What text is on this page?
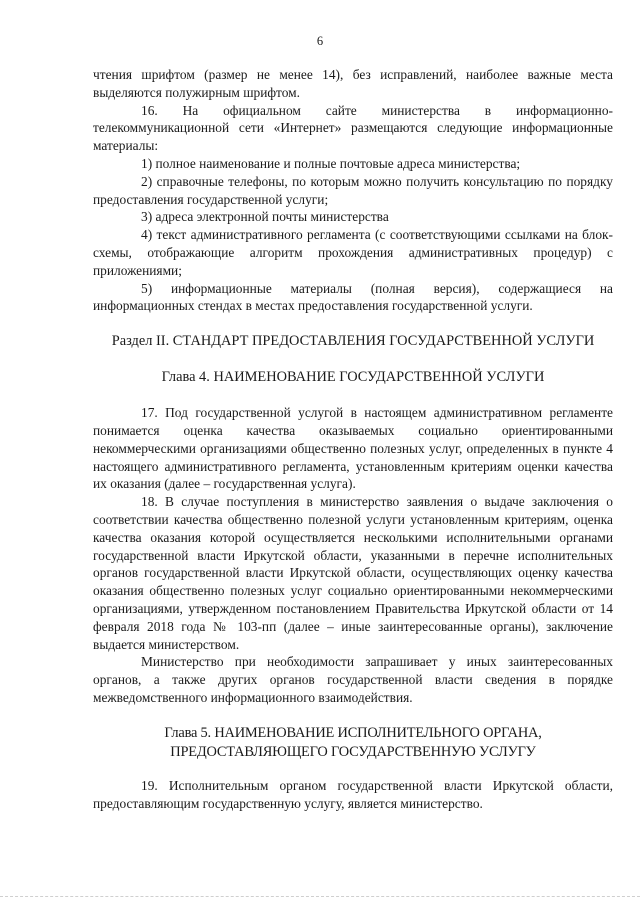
6

чтения шрифтом (размер не менее 14), без исправлений, наиболее важные места выделяются полужирным шрифтом.

16. На официальном сайте министерства в информационно-телекоммуникационной сети «Интернет» размещаются следующие информационные материалы:

1) полное наименование и полные почтовые адреса министерства;

2) справочные телефоны, по которым можно получить консультацию по порядку предоставления государственной услуги;

3) адреса электронной почты министерства

4) текст административного регламента (с соответствующими ссылками на блок-схемы, отображающие алгоритм прохождения административных процедур) с приложениями;

5) информационные материалы (полная версия), содержащиеся на информационных стендах в местах предоставления государственной услуги.

Раздел II. СТАНДАРТ ПРЕДОСТАВЛЕНИЯ ГОСУДАРСТВЕННОЙ УСЛУГИ

Глава 4. НАИМЕНОВАНИЕ ГОСУДАРСТВЕННОЙ УСЛУГИ

17. Под государственной услугой в настоящем административном регламенте понимается оценка качества оказываемых социально ориентированными некоммерческими организациями общественно полезных услуг, определенных в пункте 4 настоящего административного регламента, установленным критериям оценки качества их оказания (далее – государственная услуга).

18. В случае поступления в министерство заявления о выдаче заключения о соответствии качества общественно полезной услуги установленным критериям, оценка качества оказания которой осуществляется несколькими исполнительными органами государственной власти Иркутской области, указанными в перечне исполнительных органов государственной власти Иркутской области, осуществляющих оценку качества оказания общественно полезных услуг социально ориентированными некоммерческими организациями, утвержденном постановлением Правительства Иркутской области от 14 февраля 2018 года № 103-пп (далее – иные заинтересованные органы), заключение выдается министерством.

Министерство при необходимости запрашивает у иных заинтересованных органов, а также других органов государственной власти сведения в порядке межведомственного информационного взаимодействия.

Глава 5. НАИМЕНОВАНИЕ ИСПОЛНИТЕЛЬНОГО ОРГАНА,

ПРЕДОСТАВЛЯЮЩЕГО ГОСУДАРСТВЕННУЮ УСЛУГУ

19. Исполнительным органом государственной власти Иркутской области, предоставляющим государственную услугу, является министерство.
